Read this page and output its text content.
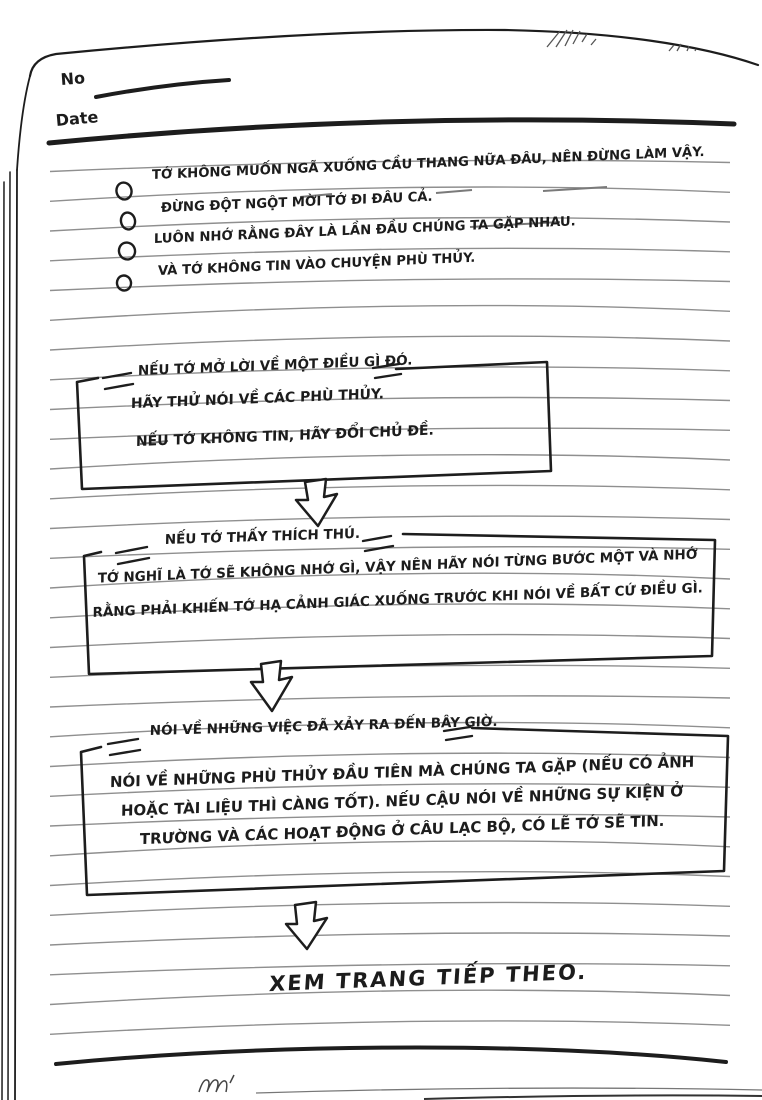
No
Date
TỚ KHÔNG MUỐN NGÃ XUỐNG CẦU THANG NỮA ĐÂU, NÊN ĐỪNG LÀM VẬY.
ĐỪNG ĐỘT NGỘT MỜI TỚ ĐI ĐÂU CẢ.
LUÔN NHỚ RẰNG ĐÂY LÀ LẦN ĐẦU CHÚNG TA GẶP NHAU.
VÀ TỚ KHÔNG TIN VÀO CHUYỆN PHÙ THỦY.
NẾU TỚ MỞ LỜI VỀ MỘT ĐIỀU GÌ ĐÓ.
HÃY THỬ NÓI VỀ CÁC PHÙ THỦY.
NẾU TỚ KHÔNG TIN, HÃY ĐỔI CHỦ ĐỀ.
NẾU TỚ THẤY THÍCH THÚ.
TỚ NGHĨ LÀ TỚ SẼ KHÔNG NHỚ GÌ, VẬY NÊN HÃY NÓI TỪNG BƯỚC MỘT VÀ NHỚ
RẰNG PHẢI KHIẾN TỚ HẠ CẢNH GIÁC XUỐNG TRƯỚC KHI NÓI VỀ BẤT CỨ ĐIỀU GÌ.
NÓI VỀ NHỮNG VIỆC ĐÃ XẢY RA ĐẾN BÂY GIỜ.
NÓI VỀ NHỮNG PHÙ THỦY ĐẦU TIÊN MÀ CHÚNG TA GẶP (NẾU CÓ ẢNH
HOẶC TÀI LIỆU THÌ CÀNG TỐT). NẾU CẬU NÓI VỀ NHỮNG SỰ KIỆN Ở
TRƯỜNG VÀ CÁC HOẠT ĐỘNG Ở CÂU LẠC BỘ, CÓ LẼ TỚ SẼ TIN.
XEM TRANG TIẾP THEO.
